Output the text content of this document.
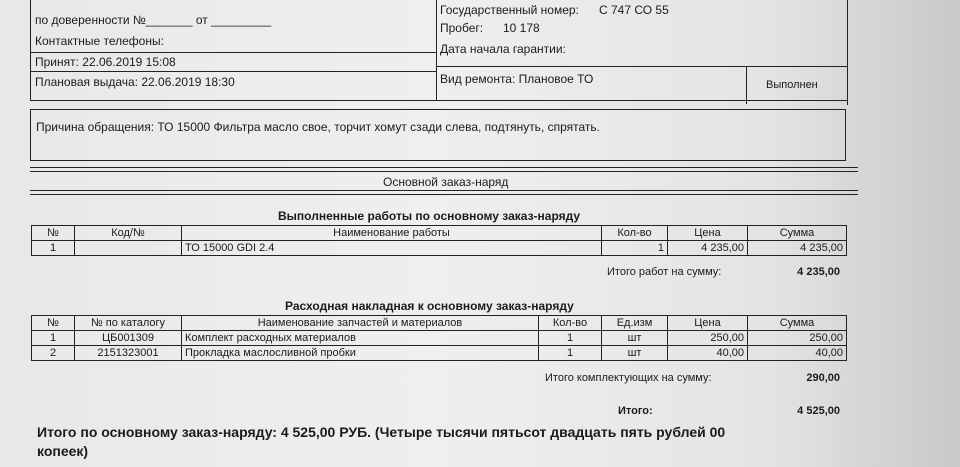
по доверенности №_______ от _________
Контактные телефоны:
Принят: 22.06.2019 15:08
Плановая выдача: 22.06.2019 18:30
Государственный номер: С 747 СО 55
Пробег: 10 178
Дата начала гарантии:
Вид ремонта: Плановое ТО	Выполнен
Причина обращения: ТО 15000 Фильтра масло свое, торчит хомут сзади слева, подтянуть, спрятать.
Основной заказ-наряд
Выполненные работы по основному заказ-наряду
№	Код/№	Наименование работы	Кол-во	Цена	Сумма
1		ТО 15000 GDI 2.4	1	4 235,00	4 235,00
Итого работ на сумму:	4 235,00
Расходная накладная к основному заказ-наряду
№	№ по каталогу	Наименование запчастей и материалов	Кол-во	Ед.изм	Цена	Сумма
1	ЦБ001309	Комплект расходных материалов	1	шт	250,00	250,00
2	2151323001	Прокладка маслосливной пробки	1	шт	40,00	40,00
Итого комплектующих на сумму:	290,00
Итого:	4 525,00
Итого по основному заказ-наряду: 4 525,00 РУБ. (Четыре тысячи пятьсот двадцать пять рублей 00
копеек)
